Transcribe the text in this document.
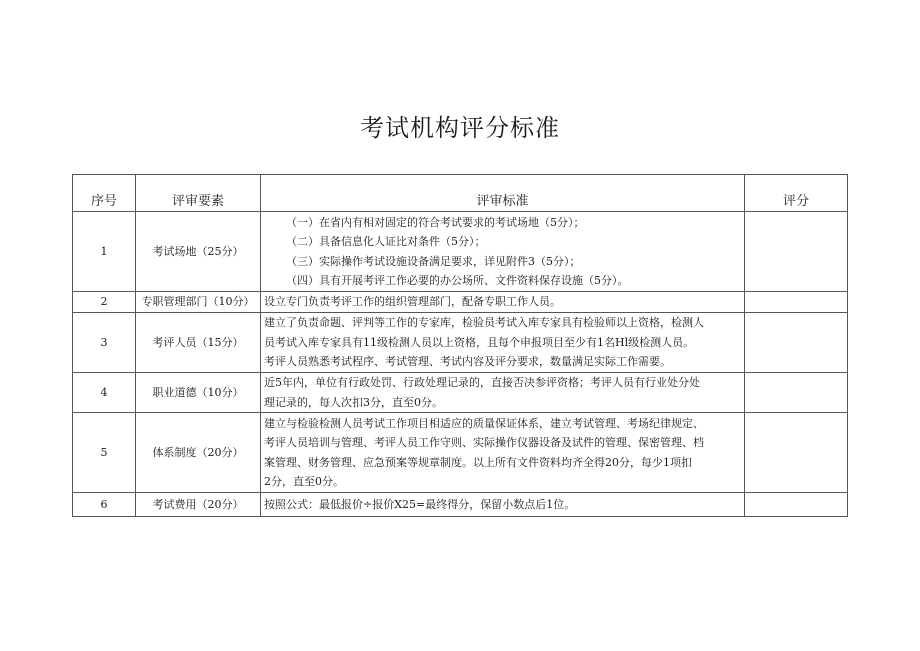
考试机构评分标准
序号	评审要素	评审标准	评分
1	考试场地（25分）	（一）在省内有相对固定的符合考试要求的考试场地（5分）；
（二）具备信息化人证比对条件（5分）；
（三）实际操作考试设施设备满足要求，详见附件3（5分）；
（四）具有开展考评工作必要的办公场所、文件资料保存设施（5分）。	

2	专职管理部门（10分）	设立专门负责考评工作的组织管理部门，配备专职工作人员。	

3	考评人员（15分）	建立了负责命题、评判等工作的专家库，检验员考试入库专家具有检验师以上资格，检测人
员考试入库专家具有11级检测人员以上资格，且每个申报项目至少有1名Hl级检测人员。
考评人员熟悉考试程序、考试管理、考试内容及评分要求，数量满足实际工作需要。	

4	职业道德（10分）	近5年内，单位有行政处罚、行政处理记录的，直接否决参评资格；考评人员有行业处分处
理记录的，每人次扣3分，直至0分。	

5	体系制度（20分）	建立与检验检测人员考试工作项目相适应的质量保证体系，建立考试管理、考场纪律规定、
考评人员培训与管理、考评人员工作守则、实际操作仪器设备及试件的管理、保密管理、档
案管理、财务管理、应急预案等规章制度。以上所有文件资料均齐全得20分，每少1项扣
2分，直至0分。	

6	考试费用（20分）	按照公式：最低报价÷报价X25=最终得分，保留小数点后1位。	
